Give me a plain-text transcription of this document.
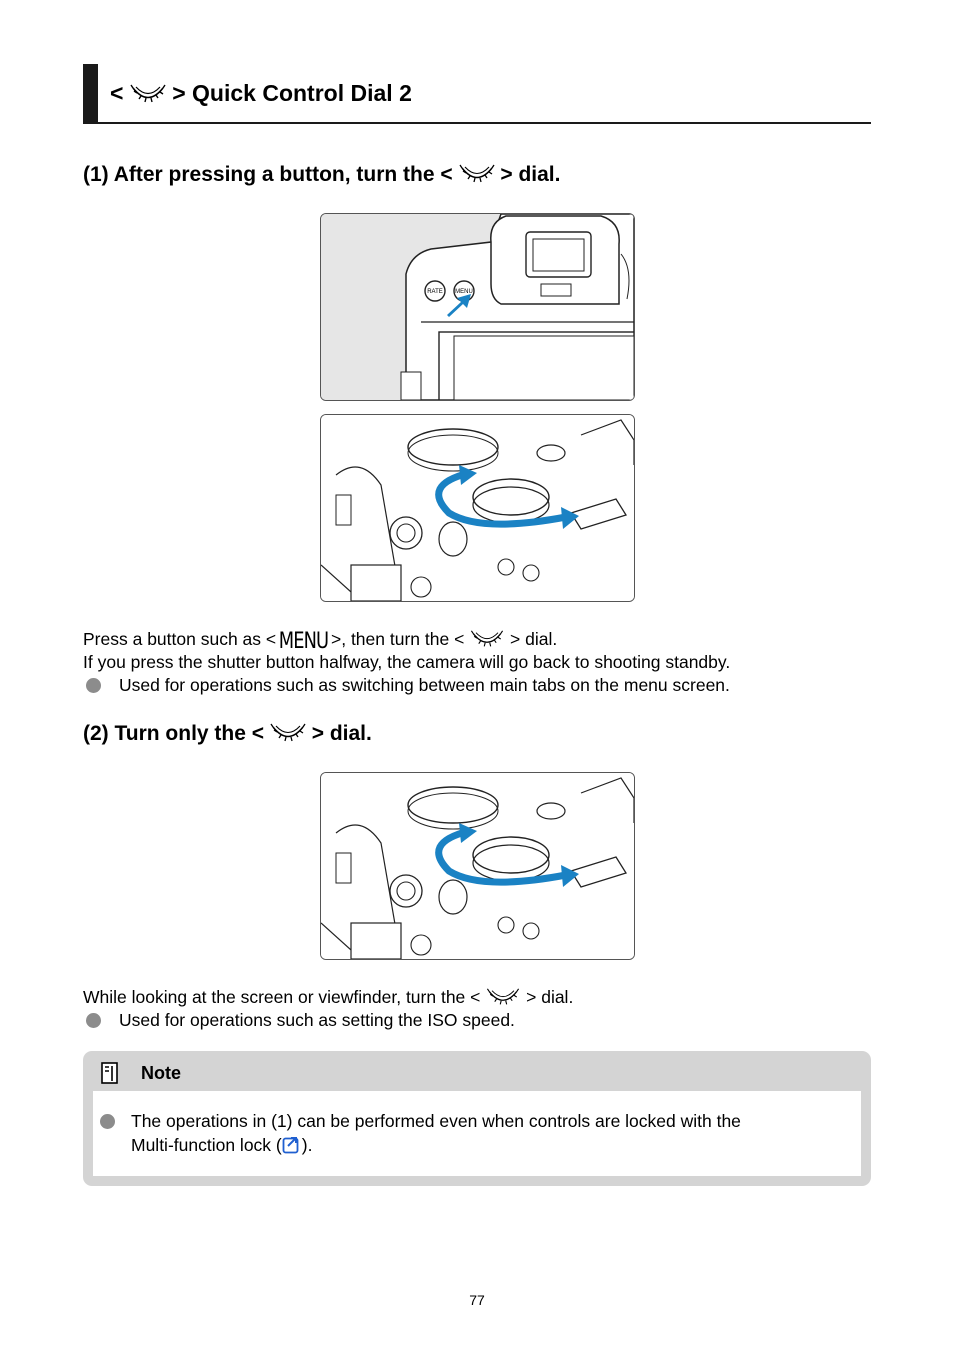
< > Quick Control Dial 2
(1) After pressing a button, turn the < > dial.
RATE MENU
Press a button such as < MENU >, then turn the <	> dial.
If you press the shutter button halfway, the camera will go back to shooting standby.
Used for operations such as switching between main tabs on the menu screen.
(2) Turn only the < > dial.
While looking at the screen or viewfinder, turn the <	> dial.
Used for operations such as setting the ISO speed.
Note
The operations in (1) can be performed even when controls are locked with the
Multi-function lock ( ).
77
